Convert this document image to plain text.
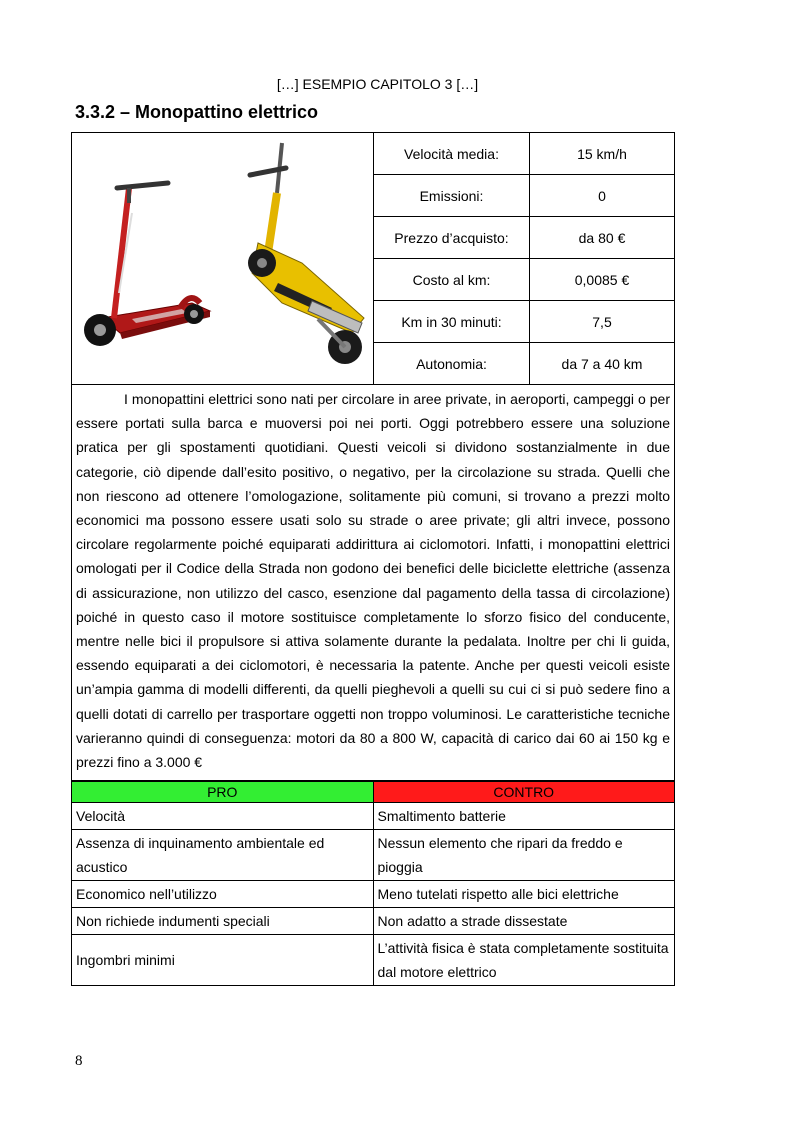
[…] ESEMPIO CAPITOLO 3 […]
3.3.2 – Monopattino elettrico
Velocità media:	15 km/h
Emissioni:	0
Prezzo d’acquisto:	da 80 €
Costo al km:	0,0085 €
Km in 30 minuti:	7,5
Autonomia:	da 7 a 40 km
I monopattini elettrici sono nati per circolare in aree private, in aeroporti, campeggi o per essere portati sulla barca e muoversi poi nei porti. Oggi potrebbero essere una soluzione pratica per gli spostamenti quotidiani. Questi veicoli si dividono sostanzialmente in due categorie, ciò dipende dall’esito positivo, o negativo, per la circolazione su strada. Quelli che non riescono ad ottenere l’omologazione, solitamente più comuni, si trovano a prezzi molto economici ma possono essere usati solo su strade o aree private; gli altri invece, possono circolare regolarmente poiché equiparati addirittura ai ciclomotori. Infatti, i monopattini elettrici omologati per il Codice della Strada non godono dei benefici delle biciclette elettriche (assenza di assicurazione, non utilizzo del casco, esenzione dal pagamento della tassa di circolazione) poiché in questo caso il motore sostituisce completamente lo sforzo fisico del conducente, mentre nelle bici il propulsore si attiva solamente durante la pedalata. Inoltre per chi li guida, essendo equiparati a dei ciclomotori, è necessaria la patente. Anche per questi veicoli esiste un’ampia gamma di modelli differenti, da quelli pieghevoli a quelli su cui ci si può sedere fino a quelli dotati di carrello per trasportare oggetti non troppo voluminosi. Le caratteristiche tecniche varieranno quindi di conseguenza: motori da 80 a 800 W, capacità di carico dai 60 ai 150 kg e prezzi fino a 3.000 €
PRO	CONTRO
Velocità	Smaltimento batterie
Assenza di inquinamento ambientale ed acustico	Nessun elemento che ripari da freddo e pioggia
Economico nell’utilizzo	Meno tutelati rispetto alle bici elettriche
Non richiede indumenti speciali	Non adatto a strade dissestate
Ingombri minimi	L’attività fisica è stata completamente sostituita dal motore elettrico
8
